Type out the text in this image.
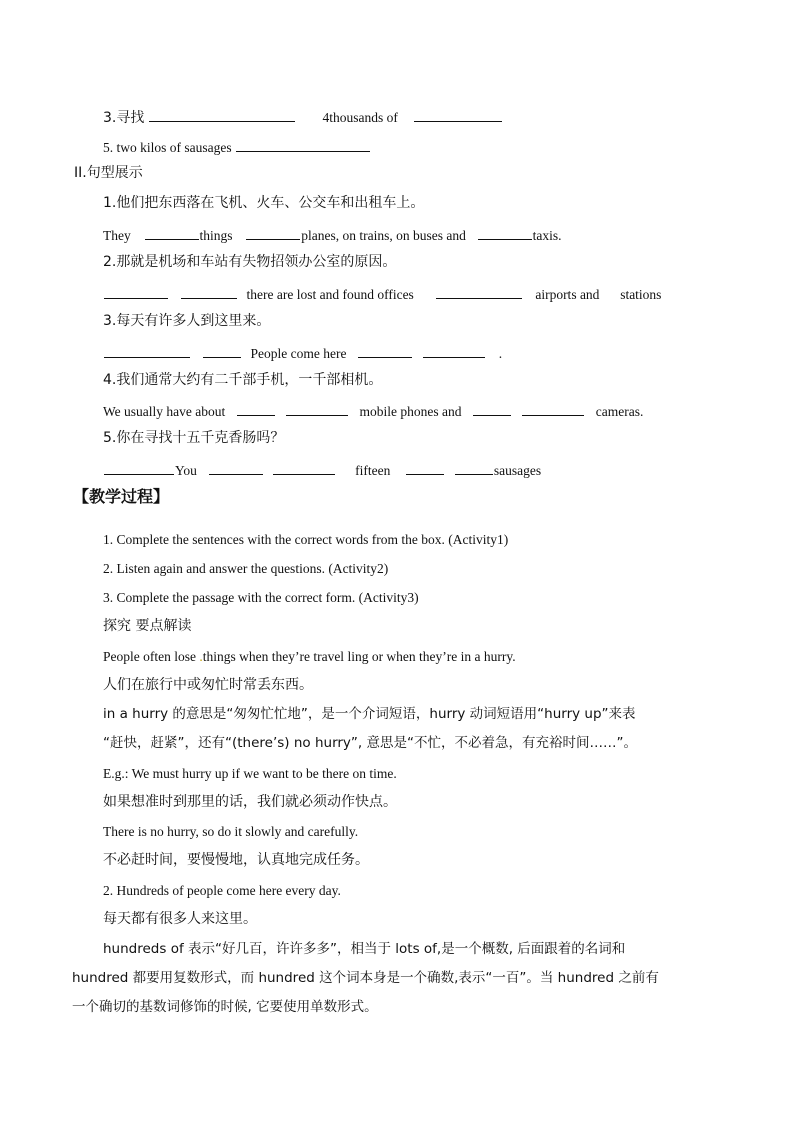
3.寻找	4thousands of
5. two kilos of sausages
II.句型展示
1.他们把东西落在飞机、火车、公交车和出租车上。
They	things	planes, on trains, on buses and	taxis.
2.那就是机场和车站有失物招领办公室的原因。
there are lost and found offices	airports and stations
3.每天有许多人到这里来。
People come here	.
4.我们通常大约有二千部手机，一千部相机。
We usually have about	mobile phones and	cameras.
5.你在寻找十五千克香肠吗？
You	fifteen	sausages
【教学过程】
1. Complete the sentences with the correct words from the box. (Activity1)
2. Listen again and answer the questions. (Activity2)
3. Complete the passage with the correct form. (Activity3)
探究 要点解读
People often lose .things when they’re travel ling or when they’re in a hurry.
人们在旅行中或匆忙时常丢东西。
in a hurry 的意思是“匆匆忙忙地”，是一个介词短语，hurry 动词短语用“hurry up”来表
“赶快，赶紧”，还有“(there’s) no hurry”, 意思是“不忙，不必着急，有充裕时间……”。
E.g.: We must hurry up if we want to be there on time.
如果想准时到那里的话，我们就必须动作快点。
There is no hurry, so do it slowly and carefully.
不必赶时间，要慢慢地，认真地完成任务。
2. Hundreds of people come here every day.
每天都有很多人来这里。
hundreds of 表示“好几百，许许多多”，相当于 lots of,是一个概数, 后面跟着的名词和
hundred 都要用复数形式，而 hundred 这个词本身是一个确数,表示“一百”。当 hundred 之前有
一个确切的基数词修饰的时候, 它要使用单数形式。
